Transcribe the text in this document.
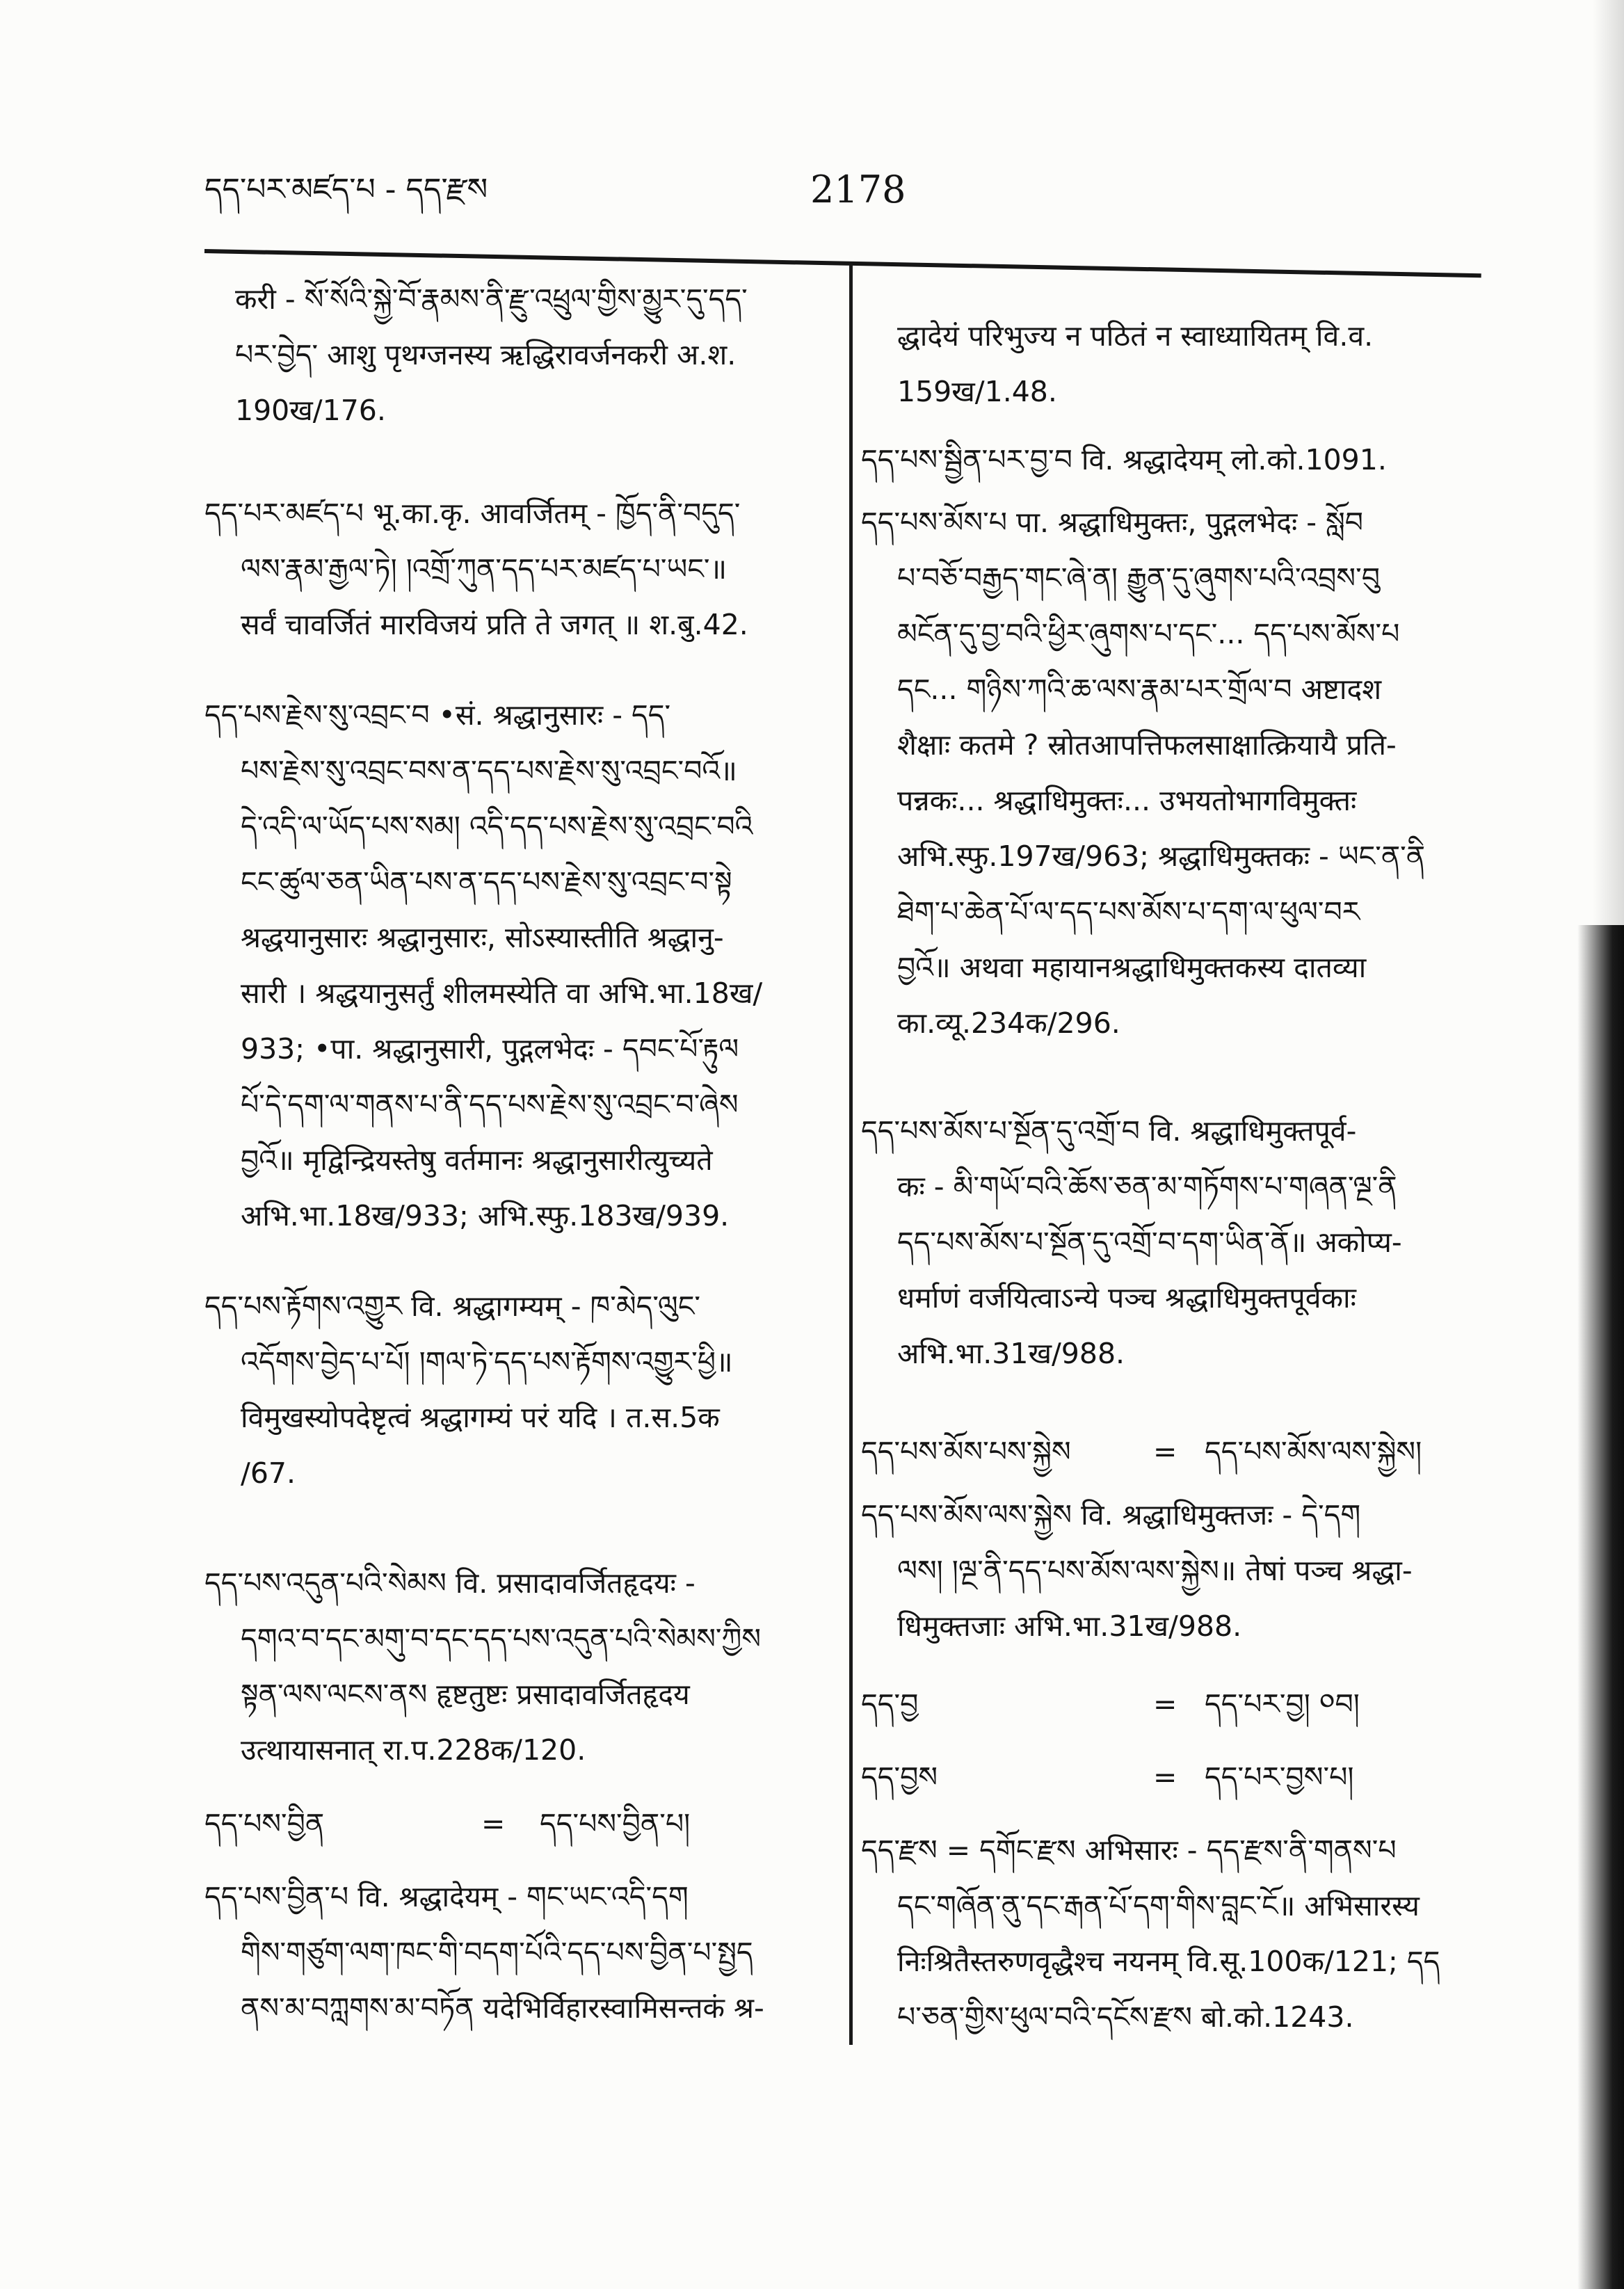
དད་པར་མཛད་པ - དད་རྫས	2178
करी - སོ་སོའི་སྐྱེ་བོ་རྣམས་ནི་རྫུ་འཕྲུལ་གྱིས་མྱུར་དུ་དད་
པར་བྱེད་ आशु पृथग्जनस्य ऋद्धिरावर्जनकरी अ.श.
190ख/176.
དད་པར་མཛད་པ भू.का.कृ. आवर्जितम् - ཁྱོད་ནི་བདུད་
ལས་རྣམ་རྒྱལ་ཏེ། །འགྲོ་ཀུན་དད་པར་མཛད་པ་ཡང་॥
सर्वं चावर्जितं मारविजयं प्रति ते जगत् ॥ श.बु.42.
དད་པས་རྗེས་སུ་འབྲང་བ •सं. श्रद्धानुसारः - དད་
པས་རྗེས་སུ་འབྲང་བས་ན་དད་པས་རྗེས་སུ་འབྲང་བའོ॥
དེ་འདི་ལ་ཡོད་པས་སམ། འདི་དད་པས་རྗེས་སུ་འབྲང་བའི
ངང་ཚུལ་ཅན་ཡིན་པས་ན་དད་པས་རྗེས་སུ་འབྲང་བ་སྟེ
श्रद्धयानुसारः श्रद्धानुसारः, सोऽस्यास्तीति श्रद्धानु-
सारी । श्रद्धयानुसर्तुं शीलमस्येति वा अभि.भा.18ख/
933; •पा. श्रद्धानुसारी, पुद्गलभेदः - དབང་པོ་རྟུལ
པོ་དེ་དག་ལ་གནས་པ་ནི་དད་པས་རྗེས་སུ་འབྲང་བ་ཞེས
བྱའོ॥ मृद्विन्द्रियस्तेषु वर्तमानः श्रद्धानुसारीत्युच्यते
अभि.भा.18ख/933; अभि.स्फु.183ख/939.
དད་པས་རྟོགས་འགྱུར वि. श्रद्धागम्यम् - ཁ་མེད་ལུང་
འདོགས་བྱེད་པ་པོ། །གལ་ཏེ་དད་པས་རྟོགས་འགྱུར་ཕྱི॥
विमुखस्योपदेष्टृत्वं श्रद्धागम्यं परं यदि । त.स.5क
/67.
དད་པས་འདུན་པའི་སེམས वि. प्रसादावर्जितहृदयः -
དགའ་བ་དང་མགུ་བ་དང་དད་པས་འདུན་པའི་སེམས་ཀྱིས
སྟན་ལས་ལངས་ནས हृष्टतुष्टः प्रसादावर्जितहृदय
उत्थायासनात् रा.प.228क/120.
དད་པས་བྱིན	= དད་པས་བྱིན་པ།
དད་པས་བྱིན་པ वि. श्रद्धादेयम् - གང་ཡང་འདི་དག
གིས་གཙུག་ལག་ཁང་གི་བདག་པོའི་དད་པས་བྱིན་པ་སྤྱད
ནས་མ་བཀླགས་མ་བཏོན यदेभिर्विहारस्वामिसन्तकं श्र-
द्धादेयं परिभुज्य न पठितं न स्वाध्यायितम् वि.व.
159ख/1.48.
དད་པས་སྦྱིན་པར་བྱ་བ वि. श्रद्धादेयम् लो.को.1091.
དད་པས་མོས་པ पा. श्रद्धाधिमुक्तः, पुद्गलभेदः - སློབ
པ་བཅོ་བརྒྱད་གང་ཞེ་ན། རྒྱུན་དུ་ཞུགས་པའི་འབྲས་བུ
མངོན་དུ་བྱ་བའི་ཕྱིར་ཞུགས་པ་དང་... དད་པས་མོས་པ
དང... གཉིས་ཀའི་ཆ་ལས་རྣམ་པར་གྲོལ་བ अष्टादश
शैक्षाः कतमे ? स्रोतआपत्तिफलसाक्षात्क्रियायै प्रति-
पन्नकः... श्रद्धाधिमुक्तः... उभयतोभागविमुक्तः
अभि.स्फु.197ख/963; श्रद्धाधिमुक्तकः - ཡང་ན་ནི
ཐེག་པ་ཆེན་པོ་ལ་དད་པས་མོས་པ་དག་ལ་ཕུལ་བར
བྱའོ॥ अथवा महायानश्रद्धाधिमुक्तकस्य दातव्या
का.व्यू.234क/296.
དད་པས་མོས་པ་སྔོན་དུ་འགྲོ་བ वि. श्रद्धाधिमुक्तपूर्व-
कः - མི་གཡོ་བའི་ཆོས་ཅན་མ་གཏོགས་པ་གཞན་ལྔ་ནི
དད་པས་མོས་པ་སྔོན་དུ་འགྲོ་བ་དག་ཡིན་ནོ॥ अकोप्य-
धर्माणं वर्जयित्वाऽन्ये पञ्च श्रद्धाधिमुक्तपूर्वकाः
अभि.भा.31ख/988.
དད་པས་མོས་པས་སྐྱེས	= དད་པས་མོས་ལས་སྐྱེས།
དད་པས་མོས་ལས་སྐྱེས वि. श्रद्धाधिमुक्तजः - དེ་དག
ལས། །ལྔ་ནི་དད་པས་མོས་ལས་སྐྱེས॥ तेषां पञ्च श्रद्धा-
धिमुक्तजाः अभि.भा.31ख/988.
དད་བྱ	= དད་པར་བྱ། ༠བ།
དད་བྱས	= དད་པར་བྱས་པ།
དད་རྫས = དགོང་རྫས अभिसारः - དད་རྫས་ནི་གནས་པ
དང་གཞོན་ནུ་དང་རྒན་པོ་དག་གིས་བླང་ངོ॥ अभिसारस्य
निःश्रितैस्तरुणवृद्धैश्च नयनम् वि.सू.100क/121; དད
པ་ཅན་གྱིས་ཕུལ་བའི་དངོས་རྫས बो.को.1243.
